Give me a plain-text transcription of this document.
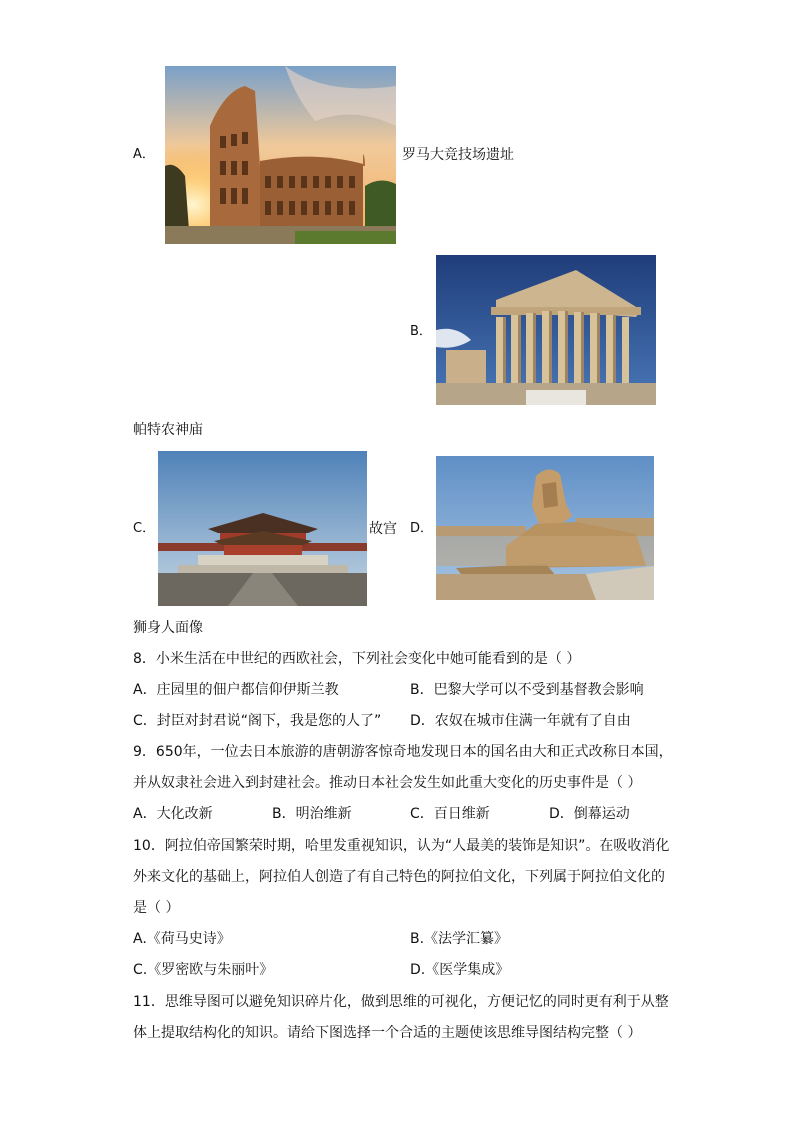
A．	罗马大竞技场遗址
B．
帕特农神庙
C．	故宫 D．
狮身人面像
8．小米生活在中世纪的西欧社会，下列社会变化中她可能看到的是（ ）
A．庄园里的佃户都信仰伊斯兰教	B．巴黎大学可以不受到基督教会影响
C．封臣对封君说“阁下，我是您的人了” D．农奴在城市住满一年就有了自由
9．650年，一位去日本旅游的唐朝游客惊奇地发现日本的国名由大和正式改称日本国，
并从奴隶社会进入到封建社会。推动日本社会发生如此重大变化的历史事件是（ ）
A．大化改新	B．明治维新	C．百日维新	D．倒幕运动
10．阿拉伯帝国繁荣时期，哈里发重视知识，认为“人最美的装饰是知识”。在吸收消化
外来文化的基础上，阿拉伯人创造了有自己特色的阿拉伯文化，下列属于阿拉伯文化的
是（ ）
A.《荷马史诗》	B.《法学汇纂》
C.《罗密欧与朱丽叶》	D.《医学集成》
11．思维导图可以避免知识碎片化，做到思维的可视化，方便记忆的同时更有利于从整
体上提取结构化的知识。请给下图选择一个合适的主题使该思维导图结构完整（ ）
